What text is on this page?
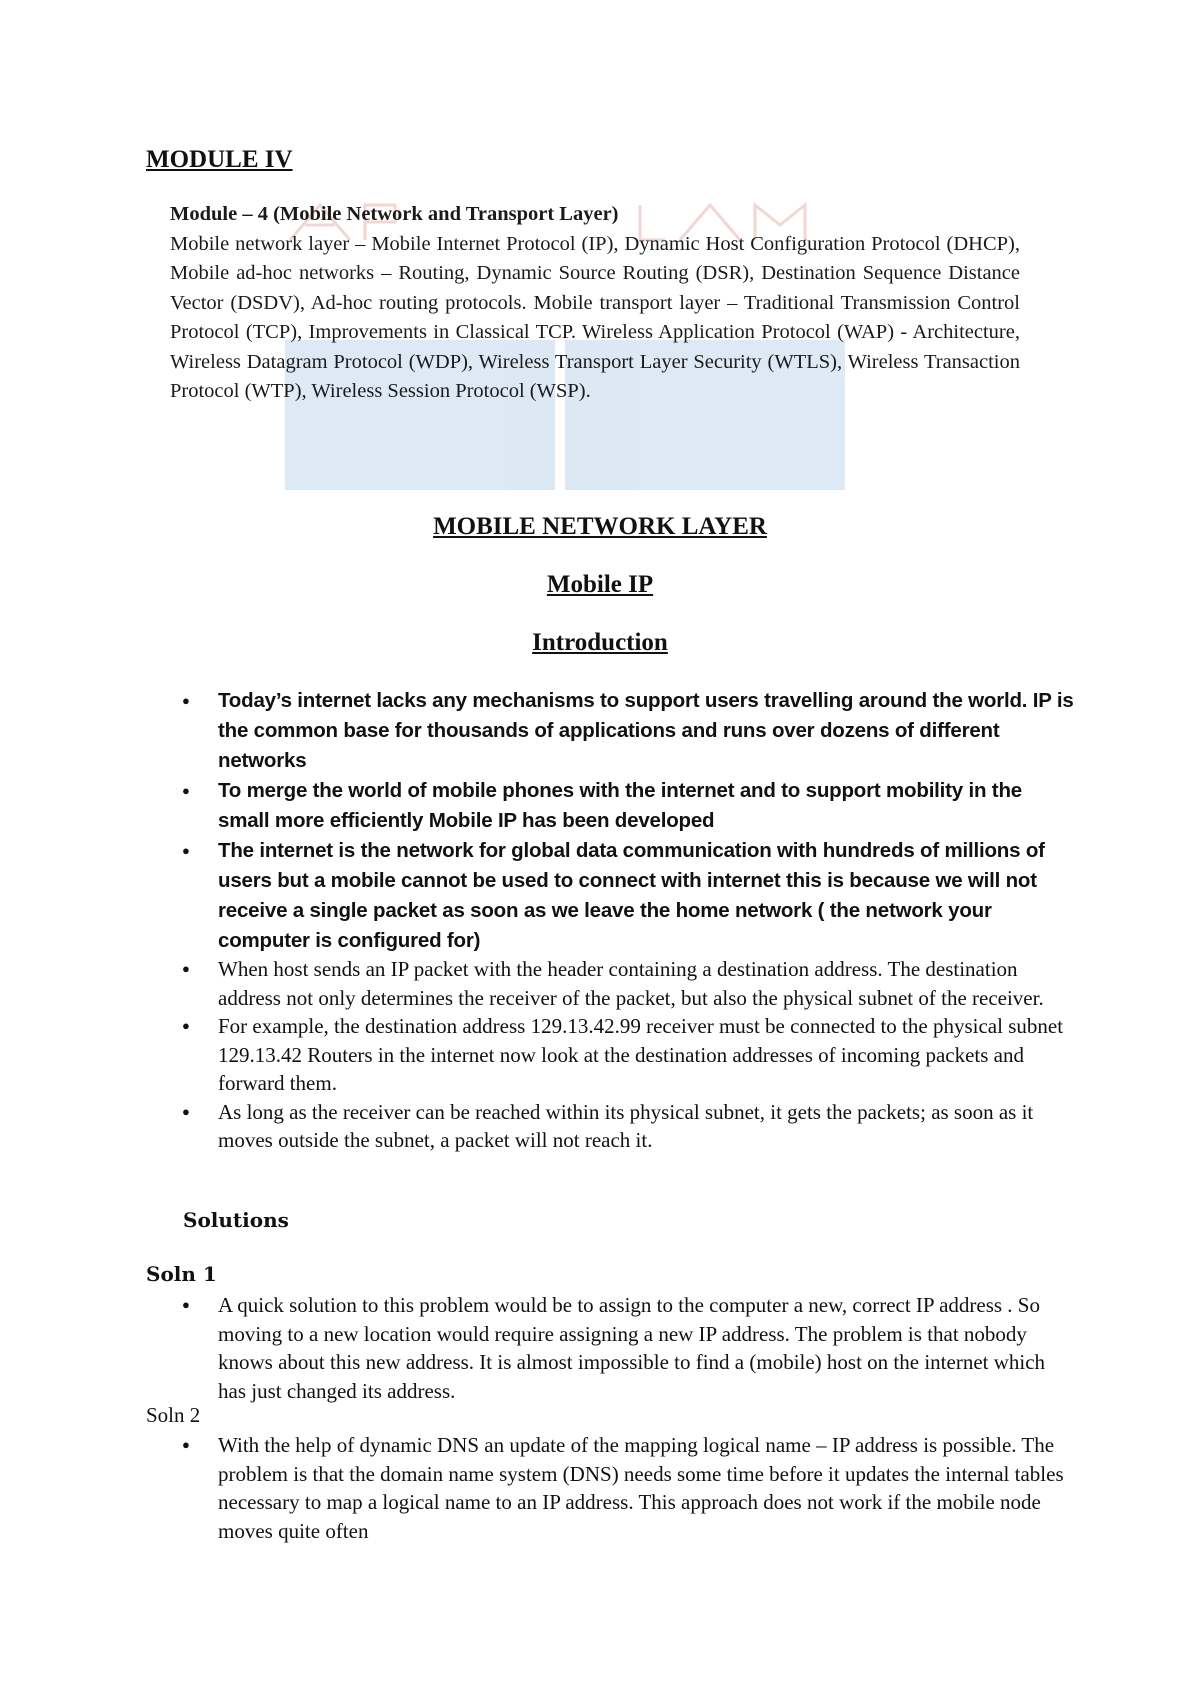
MODULE IV

Module – 4 (Mobile Network and Transport Layer)
Mobile network layer – Mobile Internet Protocol (IP), Dynamic Host Configuration Protocol (DHCP), Mobile ad-hoc networks – Routing, Dynamic Source Routing (DSR), Destination Sequence Distance Vector (DSDV), Ad-hoc routing protocols. Mobile transport layer – Traditional Transmission Control Protocol (TCP), Improvements in Classical TCP. Wireless Application Protocol (WAP) - Architecture, Wireless Datagram Protocol (WDP), Wireless Transport Layer Security (WTLS), Wireless Transaction Protocol (WTP), Wireless Session Protocol (WSP).

MOBILE NETWORK LAYER
Mobile IP
Introduction
● Today’s internet lacks any mechanisms to support users travelling around the world. IP is the common base for thousands of applications and runs over dozens of different networks
● To merge the world of mobile phones with the internet and to support mobility in the small more efficiently Mobile IP has been developed
● The internet is the network for global data communication with hundreds of millions of users but a mobile cannot be used to connect with internet this is because we will not receive a single packet as soon as we leave the home network ( the network your computer is configured for)
● When host sends an IP packet with the header containing a destination address. The destination address not only determines the receiver of the packet, but also the physical subnet of the receiver.
● For example, the destination address 129.13.42.99 receiver must be connected to the physical subnet 129.13.42 Routers in the internet now look at the destination addresses of incoming packets and forward them.
● As long as the receiver can be reached within its physical subnet, it gets the packets; as soon as it moves outside the subnet, a packet will not reach it.

Solutions

Soln 1

● A quick solution to this problem would be to assign to the computer a new, correct IP address . So moving to a new location would require assigning a new IP address. The problem is that nobody knows about this new address. It is almost impossible to find a (mobile) host on the internet which has just changed its address.

Soln 2

● With the help of dynamic DNS an update of the mapping logical name – IP address is possible. The problem is that the domain name system (DNS) needs some time before it updates the internal tables necessary to map a logical name to an IP address. This approach does not work if the mobile node moves quite often
